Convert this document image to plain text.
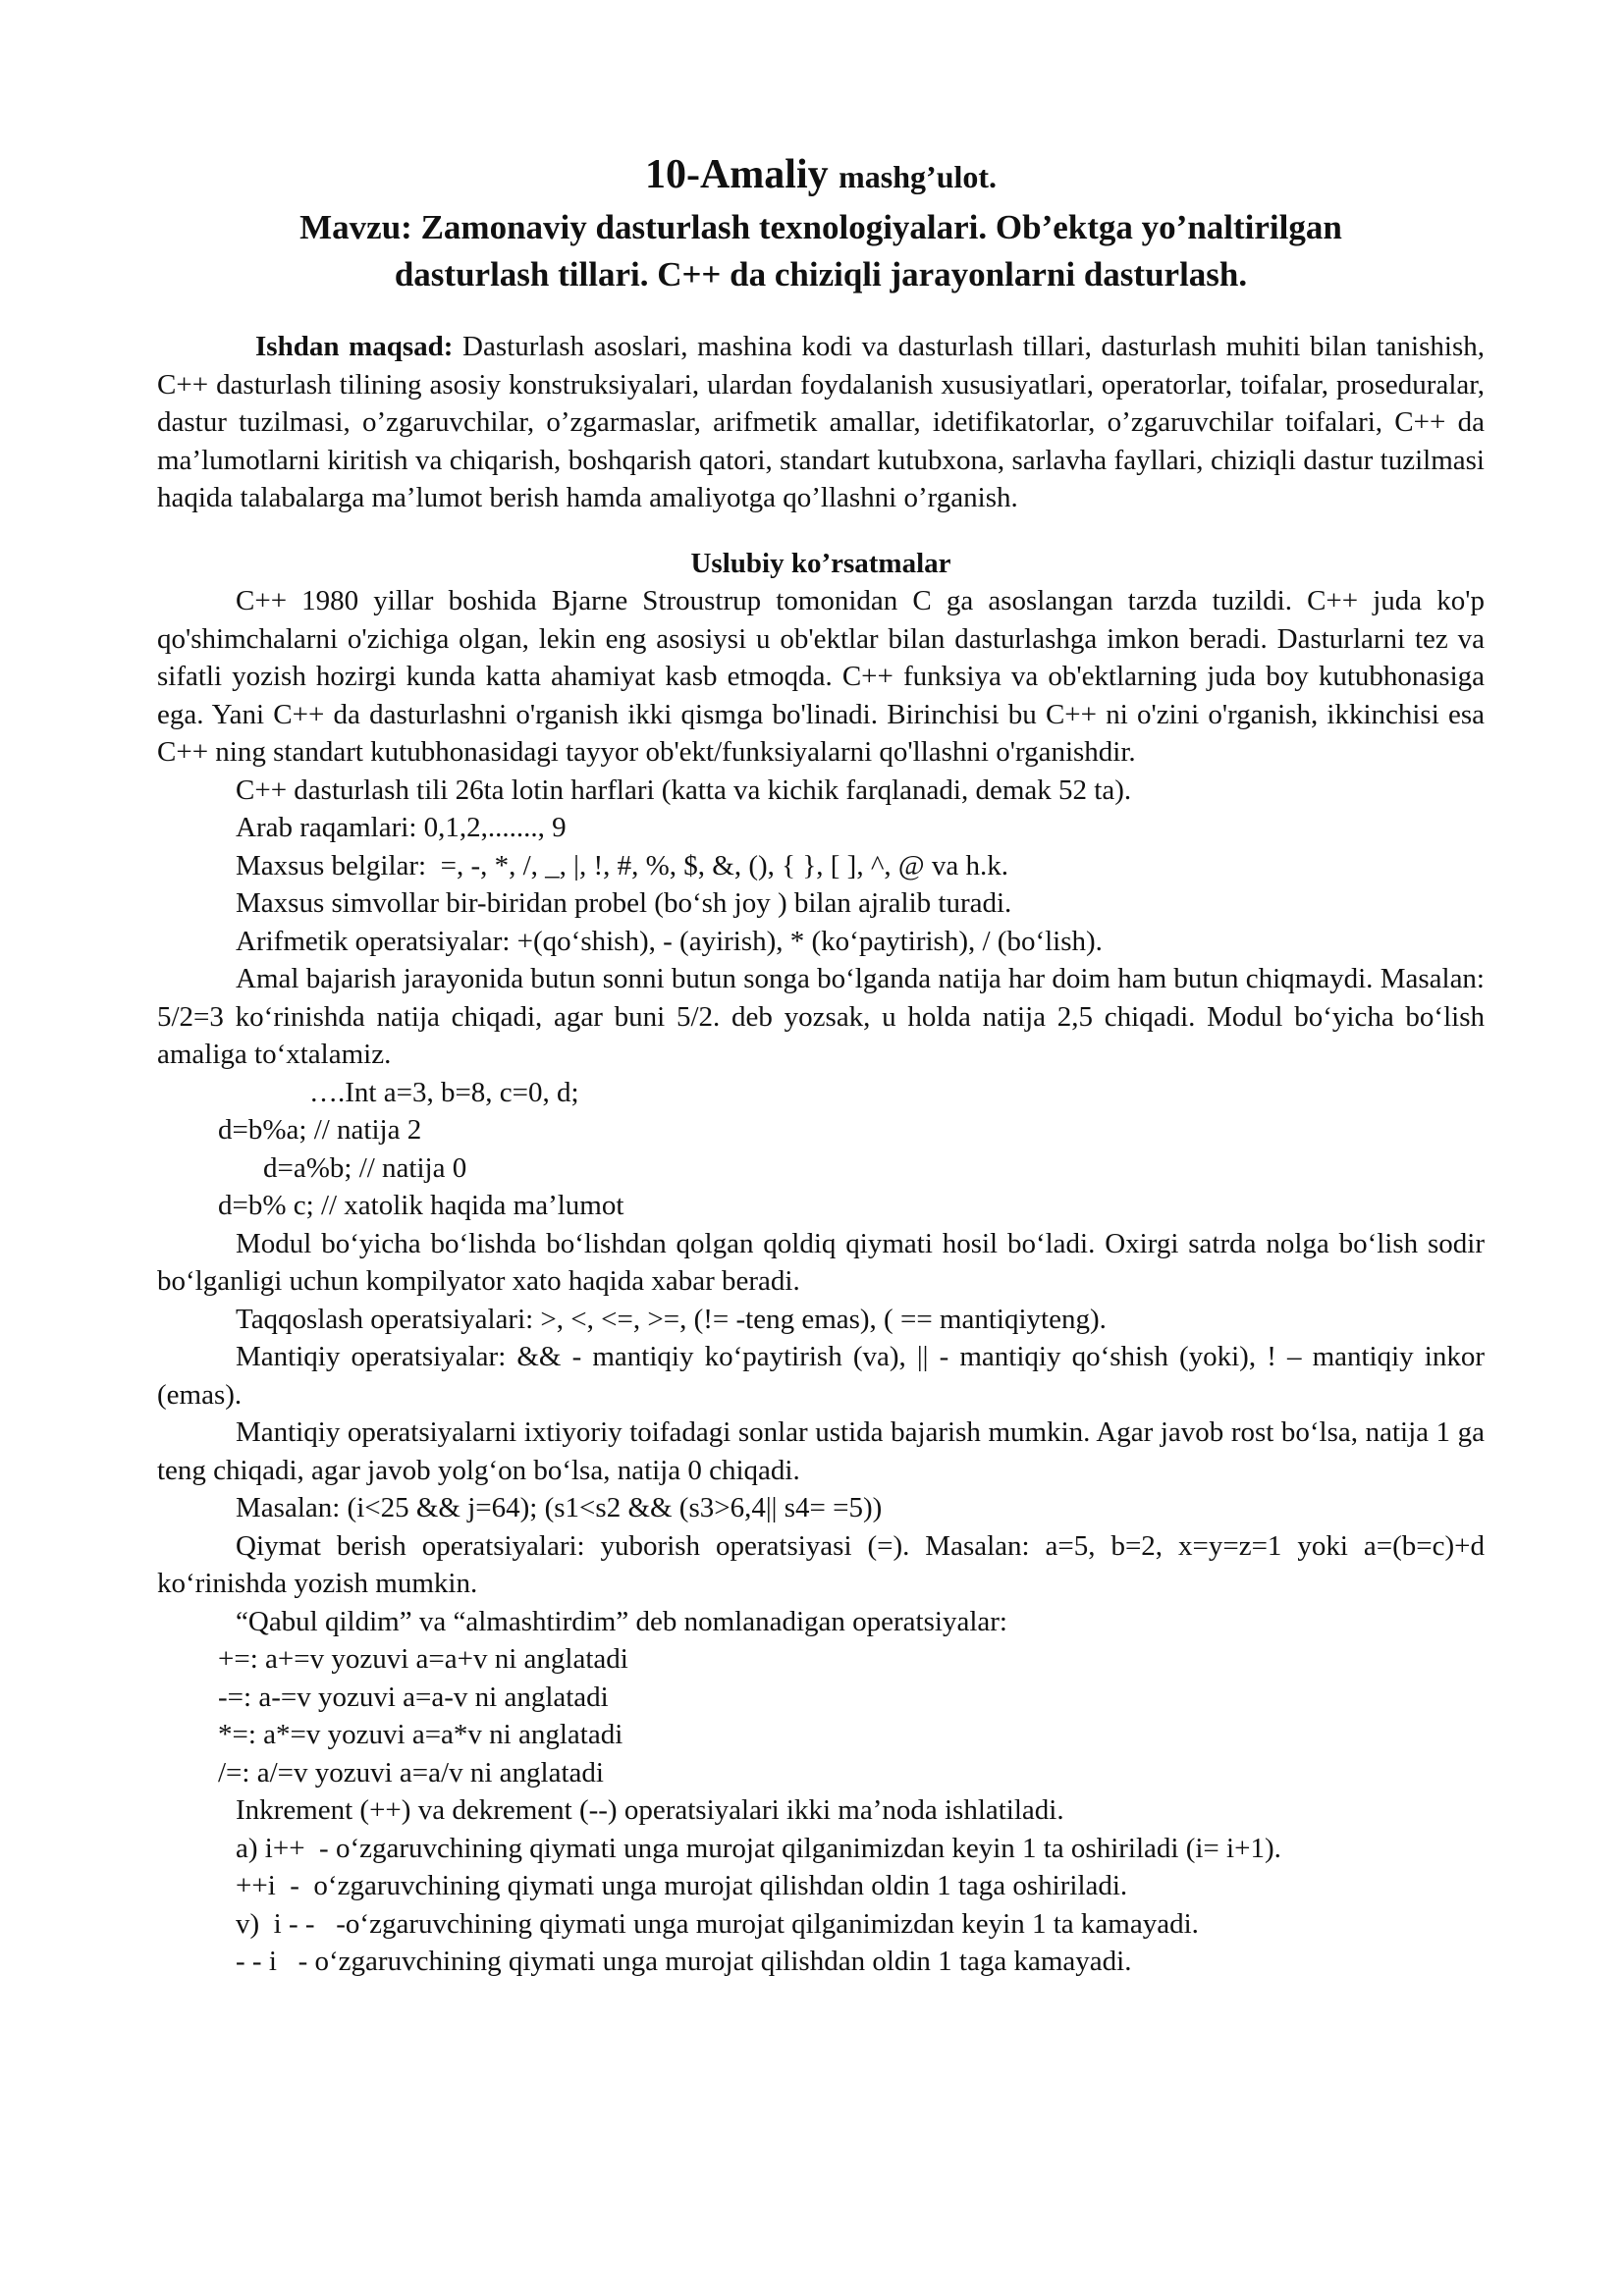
10-Amaliy mashg’ulot.
Mavzu: Zamonaviy dasturlash texnologiyalari. Ob’ektga yo’naltirilgan
dasturlash tillari. C++ da chiziqli jarayonlarni dasturlash.

Ishdan maqsad: Dasturlash asoslari, mashina kodi va dasturlash tillari, dasturlash muhiti bilan tanishish, C++ dasturlash tilining asosiy konstruksiyalari, ulardan foydalanish xususiyatlari, operatorlar, toifalar, proseduralar, dastur tuzilmasi, o’zgaruvchilar, o’zgarmaslar, arifmetik amallar, idetifikatorlar, o’zgaruvchilar toifalari, C++ da ma’lumotlarni kiritish va chiqarish, boshqarish qatori, standart kutubxona, sarlavha fayllari, chiziqli dastur tuzilmasi haqida talabalarga ma’lumot berish hamda amaliyotga qo’llashni o’rganish.

Uslubiy ko’rsatmalar

C++ 1980 yillar boshida Bjarne Stroustrup tomonidan C ga asoslangan tarzda tuzildi. C++ juda ko'p qo'shimchalarni o'zichiga olgan, lekin eng asosiysi u ob'ektlar bilan dasturlashga imkon beradi. Dasturlarni tez va sifatli yozish hozirgi kunda katta ahamiyat kasb etmoqda. C++ funksiya va ob'ektlarning juda boy kutubhonasiga ega. Yani C++ da dasturlashni o'rganish ikki qismga bo'linadi. Birinchisi bu C++ ni o'zini o'rganish, ikkinchisi esa C++ ning standart kutubhonasidagi tayyor ob'ekt/funksiyalarni qo'llashni o'rganishdir.

C++ dasturlash tili 26ta lotin harflari (katta va kichik farqlanadi, demak 52 ta).

Arab raqamlari: 0,1,2,......., 9

Maxsus belgilar:  =, -, *, /, _, |, !, #, %, $, &, (), { }, [ ], ^, @ va h.k.

Maxsus simvollar bir-biridan probel (bo‘sh joy ) bilan ajralib turadi.

Arifmetik operatsiyalar: +(qo‘shish), - (ayirish), * (ko‘paytirish), / (bo‘lish).

Amal bajarish jarayonida butun sonni butun songa bo‘lganda natija har doim ham butun chiqmaydi. Masalan: 5/2=3 ko‘rinishda natija chiqadi, agar buni 5/2. deb yozsak, u holda natija 2,5 chiqadi. Modul bo‘yicha bo‘lish amaliga to‘xtalamiz.

….Int a=3, b=8, c=0, d;

d=b%a; // natija 2

d=a%b; // natija 0

d=b% c; // xatolik haqida ma’lumot

Modul bo‘yicha bo‘lishda bo‘lishdan qolgan qoldiq qiymati hosil bo‘ladi. Oxirgi satrda nolga bo‘lish sodir bo‘lganligi uchun kompilyator xato haqida xabar beradi.

Taqqoslash operatsiyalari: >, <, <=, >=, (!= -teng emas), ( == mantiqiyteng).

Mantiqiy operatsiyalar: && - mantiqiy ko‘paytirish (va), || - mantiqiy qo‘shish (yoki), ! – mantiqiy inkor (emas).

Mantiqiy operatsiyalarni ixtiyoriy toifadagi sonlar ustida bajarish mumkin. Agar javob rost bo‘lsa, natija 1 ga teng chiqadi, agar javob yolg‘on bo‘lsa, natija 0 chiqadi.

Masalan: (i<25 && j=64); (s1<s2 && (s3>6,4|| s4= =5))

Qiymat berish operatsiyalari: yuborish operatsiyasi (=). Masalan: a=5, b=2, x=y=z=1 yoki a=(b=c)+d ko‘rinishda yozish mumkin.

“Qabul qildim” va “almashtirdim” deb nomlanadigan operatsiyalar:

+=: a+=v yozuvi a=a+v ni anglatadi

-=: a-=v yozuvi a=a-v ni anglatadi

*=: a*=v yozuvi a=a*v ni anglatadi

/=: a/=v yozuvi a=a/v ni anglatadi

Inkrement (++) va dekrement (--) operatsiyalari ikki ma’noda ishlatiladi.

a) i++  - o‘zgaruvchining qiymati unga murojat qilganimizdan keyin 1 ta oshiriladi (i= i+1).

++i  -  o‘zgaruvchining qiymati unga murojat qilishdan oldin 1 taga oshiriladi.

v)  i - -   -o‘zgaruvchining qiymati unga murojat qilganimizdan keyin 1 ta kamayadi.

- - i   - o‘zgaruvchining qiymati unga murojat qilishdan oldin 1 taga kamayadi.
